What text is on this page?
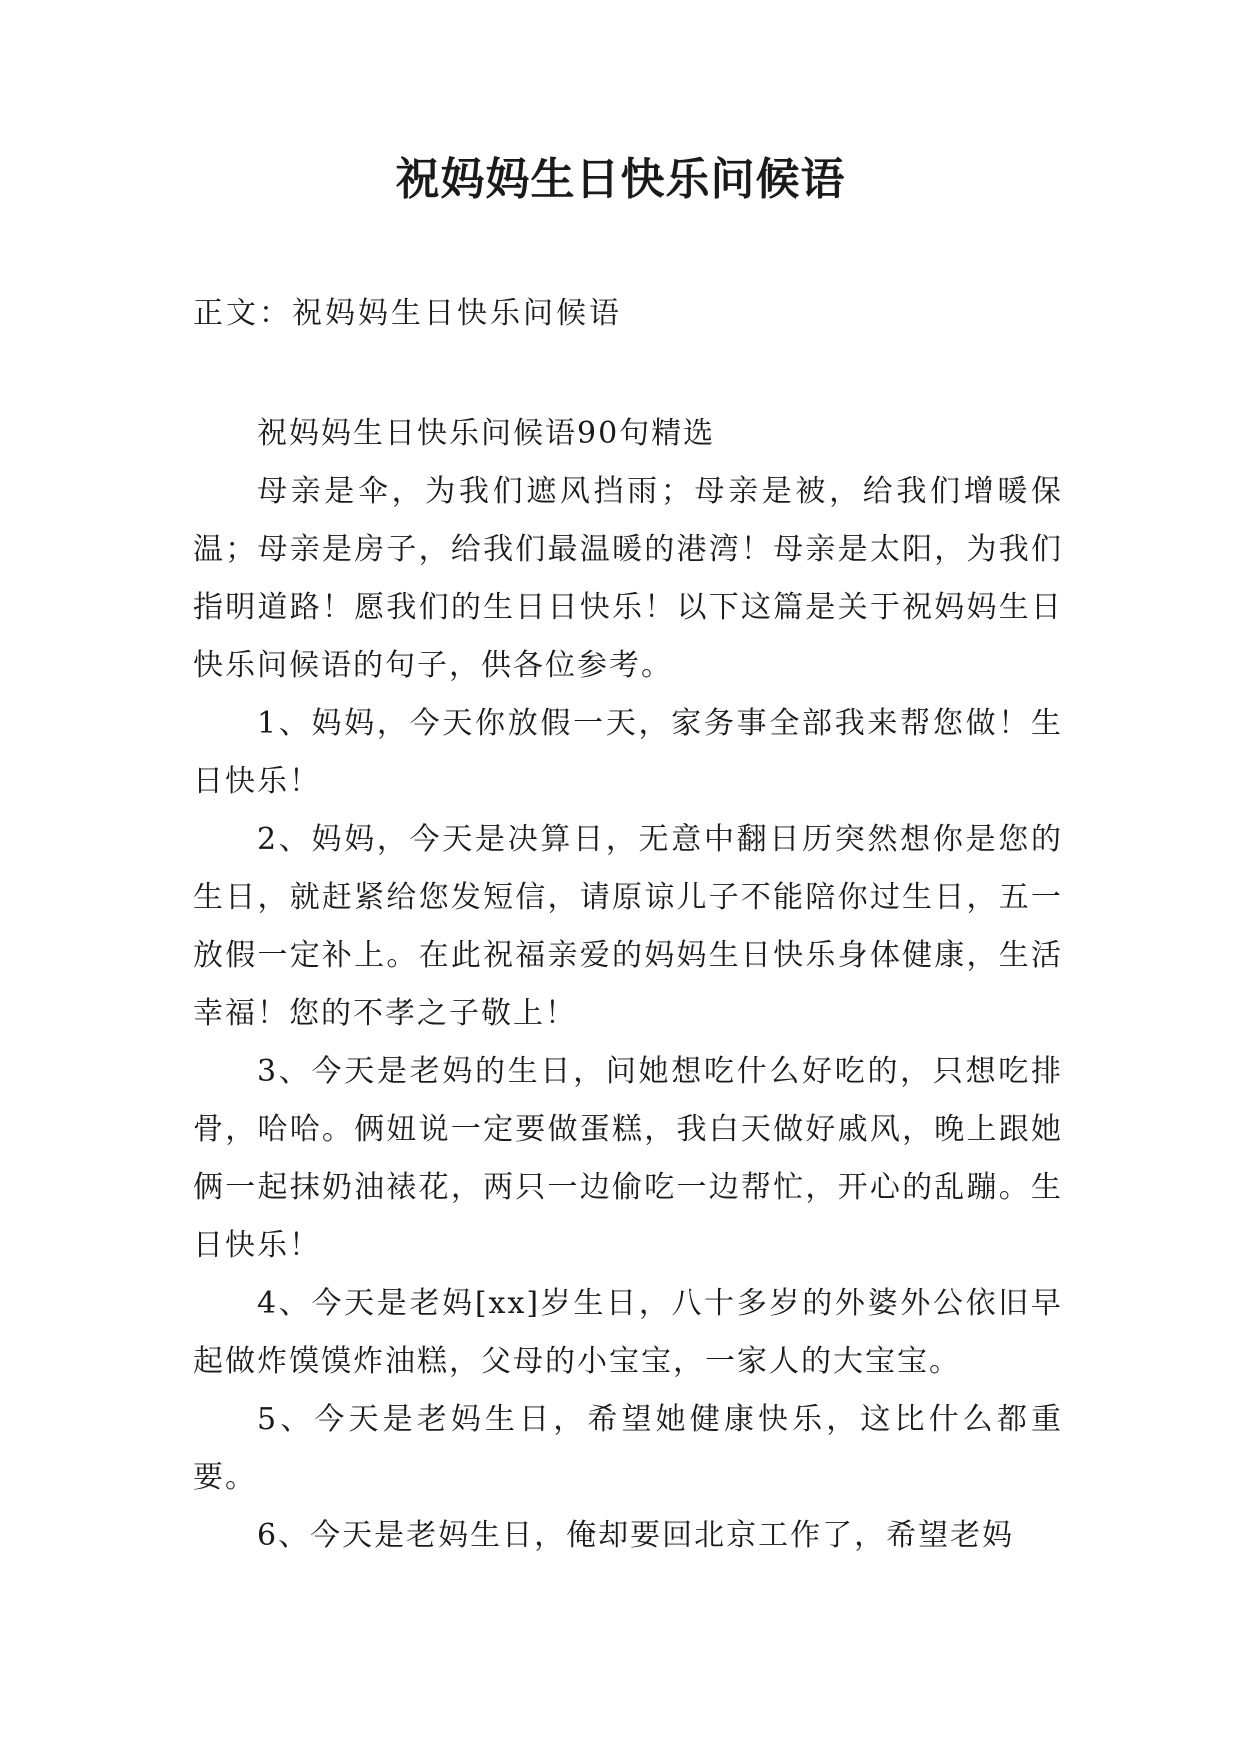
祝妈妈生日快乐问候语
正文：祝妈妈生日快乐问候语

祝妈妈生日快乐问候语90句精选

母亲是伞，为我们遮风挡雨；母亲是被，给我们增暖保温；母亲是房子，给我们最温暖的港湾！母亲是太阳，为我们指明道路！愿我们的生日日快乐！以下这篇是关于祝妈妈生日快乐问候语的句子，供各位参考。

1、妈妈，今天你放假一天，家务事全部我来帮您做！生日快乐！

2、妈妈，今天是决算日，无意中翻日历突然想你是您的生日，就赶紧给您发短信，请原谅儿子不能陪你过生日，五一放假一定补上。在此祝福亲爱的妈妈生日快乐身体健康，生活幸福！您的不孝之子敬上！

3、今天是老妈的生日，问她想吃什么好吃的，只想吃排骨，哈哈。俩妞说一定要做蛋糕，我白天做好戚风，晚上跟她俩一起抹奶油裱花，两只一边偷吃一边帮忙，开心的乱蹦。生日快乐！

4、今天是老妈[xx]岁生日，八十多岁的外婆外公依旧早起做炸馍馍炸油糕，父母的小宝宝，一家人的大宝宝。

5、今天是老妈生日，希望她健康快乐，这比什么都重要。

6、今天是老妈生日，俺却要回北京工作了，希望老妈
